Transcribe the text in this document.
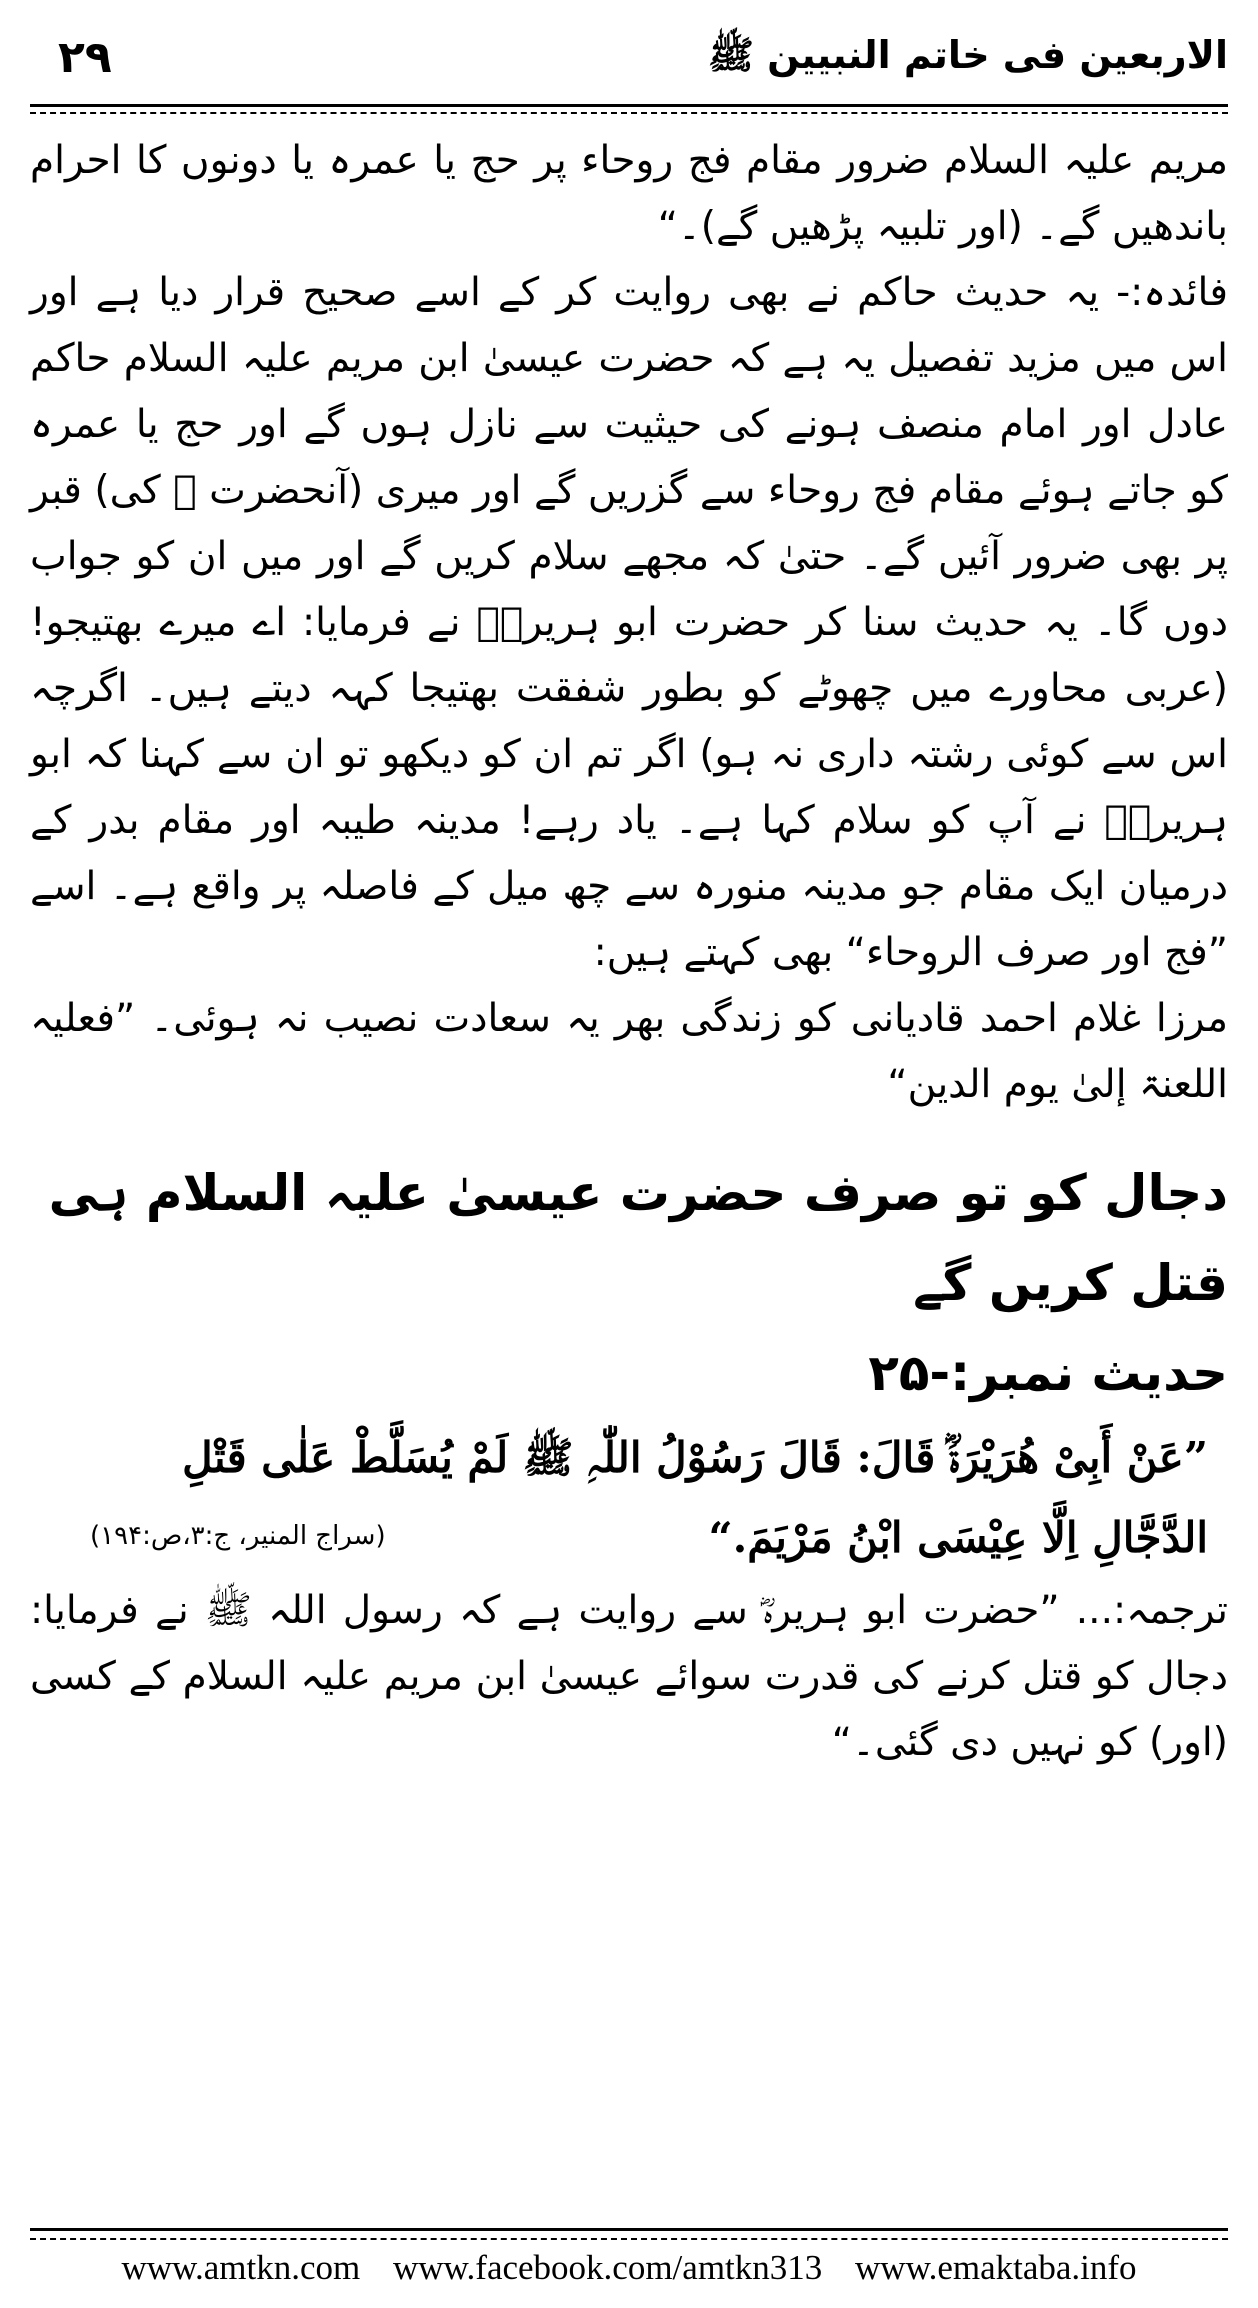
۲۹	الاربعین فی خاتم النبیین ﷺ

مریم علیہ السلام ضرور مقام فج روحاء پر حج یا عمرہ یا دونوں کا احرام باندھیں گے۔ (اور تلبیہ پڑھیں گے)۔“

فائدہ:- یہ حدیث حاکم نے بھی روایت کر کے اسے صحیح قرار دیا ہے اور اس میں مزید تفصیل یہ ہے کہ حضرت عیسیٰ ابن مریم علیہ السلام حاکم عادل اور امام منصف ہونے کی حیثیت سے نازل ہوں گے اور حج یا عمرہ کو جاتے ہوئے مقام فج روحاء سے گزریں گے اور میری (آنحضرت ﷺ کی) قبر پر بھی ضرور آئیں گے۔ حتیٰ کہ مجھے سلام کریں گے اور میں ان کو جواب دوں گا۔ یہ حدیث سنا کر حضرت ابو ہریرہؓ نے فرمایا: اے میرے بھتیجو! (عربی محاورے میں چھوٹے کو بطور شفقت بھتیجا کہہ دیتے ہیں۔ اگرچہ اس سے کوئی رشتہ داری نہ ہو) اگر تم ان کو دیکھو تو ان سے کہنا کہ ابو ہریرہؓ نے آپ کو سلام کہا ہے۔ یاد رہے! مدینہ طیبہ اور مقام بدر کے درمیان ایک مقام جو مدینہ منورہ سے چھ میل کے فاصلہ پر واقع ہے۔ اسے ”فج اور صرف الروحاء“ بھی کہتے ہیں:

مرزا غلام احمد قادیانی کو زندگی بھر یہ سعادت نصیب نہ ہوئی۔ ”فعلیہ اللعنۃ إلیٰ یوم الدین“

دجال کو تو صرف حضرت عیسیٰ علیہ السلام ہی قتل کریں گے
حدیث نمبر:-۲۵

”عَنْ أَبِیْ ھُرَیْرَۃَؓ قَالَ: قَالَ رَسُوْلُ اللّٰہِ ﷺ لَمْ یُسَلَّطْ عَلٰی قَتْلِ

الدَّجَّالِ اِلَّا عِیْسَی ابْنُ مَرْیَمَ.“
(سراج المنیر، ج:۳،ص:۱۹۴)

ترجمہ:... ”حضرت ابو ہریرہؓ سے روایت ہے کہ رسول اللہ ﷺ نے فرمایا: دجال کو قتل کرنے کی قدرت سوائے عیسیٰ ابن مریم علیہ السلام کے کسی (اور) کو نہیں دی گئی۔“

www.amtkn.com www.facebook.com/amtkn313 www.emaktaba.info
